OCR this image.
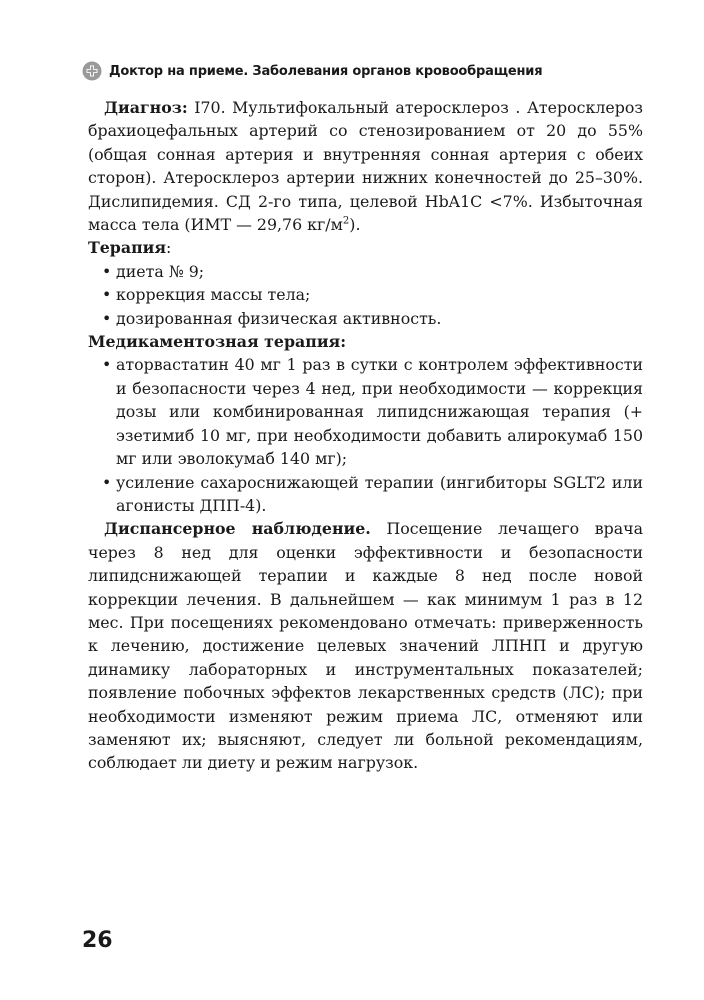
Доктор на приеме. Заболевания органов кровообращения

Диагноз: I70. Мультифокальный атеросклероз . Атеросклероз брахиоцефальных артерий со стенозированием от 20 до 55% (общая сонная артерия и внутренняя сонная артерия с обеих сторон). Атеросклероз артерии нижних конечностей до 25–30%. Дислипидемия. СД 2-го типа, целевой HbA1C <7%. Избыточная масса тела (ИМТ — 29,76 $кг/м^2$).

Терапия:

• диета № 9;
• коррекция массы тела;
• дозированная физическая активность.

Медикаментозная терапия:

• аторвастатин 40 мг 1 раз в сутки с контролем эффективности и безопасности через 4 нед, при необходимости — коррекция дозы или комбинированная липидснижающая терапия (+ эзетимиб 10 мг, при необходимости добавить алирокумаб 150 мг или эволокумаб 140 мг);
• усиление сахароснижающей терапии (ингибиторы SGLT2 или агонисты ДПП-4).

Диспансерное наблюдение. Посещение лечащего врача через 8 нед для оценки эффективности и безопасности липидснижающей терапии и каждые 8 нед после новой коррекции лечения. В дальнейшем — как минимум 1 раз в 12 мес. При посещениях рекомендовано отмечать: приверженность к лечению, достижение целевых значений ЛПНП и другую динамику лабораторных и инструментальных показателей; появление побочных эффектов лекарственных средств (ЛС); при необходимости изменяют режим приема ЛС, отменяют или заменяют их; выясняют, следует ли больной рекомендациям, соблюдает ли диету и режим нагрузок.

26
